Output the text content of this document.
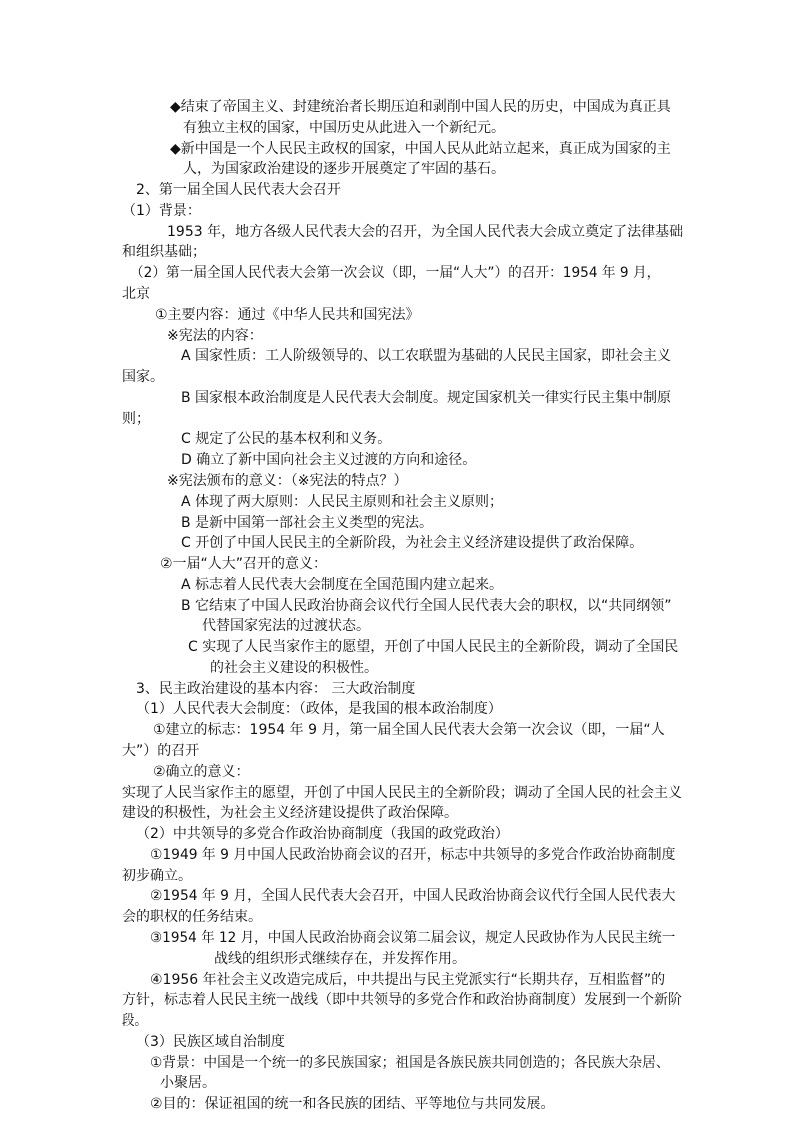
◆结束了帝国主义、封建统治者长期压迫和剥削中国人民的历史，中国成为真正具
有独立主权的国家，中国历史从此进入一个新纪元。
◆新中国是一个人民民主政权的国家，中国人民从此站立起来，真正成为国家的主
人，为国家政治建设的逐步开展奠定了牢固的基石。
2、第一届全国人民代表大会召开
（1）背景：
1953 年，地方各级人民代表大会的召开，为全国人民代表大会成立奠定了法律基础
和组织基础；
（2）第一届全国人民代表大会第一次会议（即，一届“人大”）的召开：1954 年 9 月，
北京
①主要内容：通过《中华人民共和国宪法》
※宪法的内容：
A 国家性质：工人阶级领导的、以工农联盟为基础的人民民主国家，即社会主义
国家。
B 国家根本政治制度是人民代表大会制度。规定国家机关一律实行民主集中制原
则；
C 规定了公民的基本权利和义务。
D 确立了新中国向社会主义过渡的方向和途径。
※宪法颁布的意义：（※宪法的特点？）
A 体现了两大原则：人民民主原则和社会主义原则；
B 是新中国第一部社会主义类型的宪法。
C 开创了中国人民民主的全新阶段，为社会主义经济建设提供了政治保障。
②一届“人大”召开的意义：
A 标志着人民代表大会制度在全国范围内建立起来。
B 它结束了中国人民政治协商会议代行全国人民代表大会的职权，以“共同纲领”
代替国家宪法的过渡状态。
C 实现了人民当家作主的愿望，开创了中国人民民主的全新阶段，调动了全国民
的社会主义建设的积极性。
3、民主政治建设的基本内容： 三大政治制度
（1）人民代表大会制度：（政体，是我国的根本政治制度）
①建立的标志：1954 年 9 月，第一届全国人民代表大会第一次会议（即，一届“人
大”）的召开
②确立的意义：
实现了人民当家作主的愿望，开创了中国人民民主的全新阶段；调动了全国人民的社会主义
建设的积极性，为社会主义经济建设提供了政治保障。
（2）中共领导的多党合作政治协商制度（我国的政党政治）
①1949 年 9 月中国人民政治协商会议的召开，标志中共领导的多党合作政治协商制度
初步确立。
②1954 年 9 月，全国人民代表大会召开，中国人民政治协商会议代行全国人民代表大
会的职权的任务结束。
③1954 年 12 月，中国人民政治协商会议第二届会议，规定人民政协作为人民民主统一
战线的组织形式继续存在，并发挥作用。
④1956 年社会主义改造完成后，中共提出与民主党派实行“长期共存，互相监督”的
方针，标志着人民民主统一战线（即中共领导的多党合作和政治协商制度）发展到一个新阶
段。
（3）民族区域自治制度
①背景：中国是一个统一的多民族国家；祖国是各族民族共同创造的；各民族大杂居、
小聚居。
②目的：保证祖国的统一和各民族的团结、平等地位与共同发展。
